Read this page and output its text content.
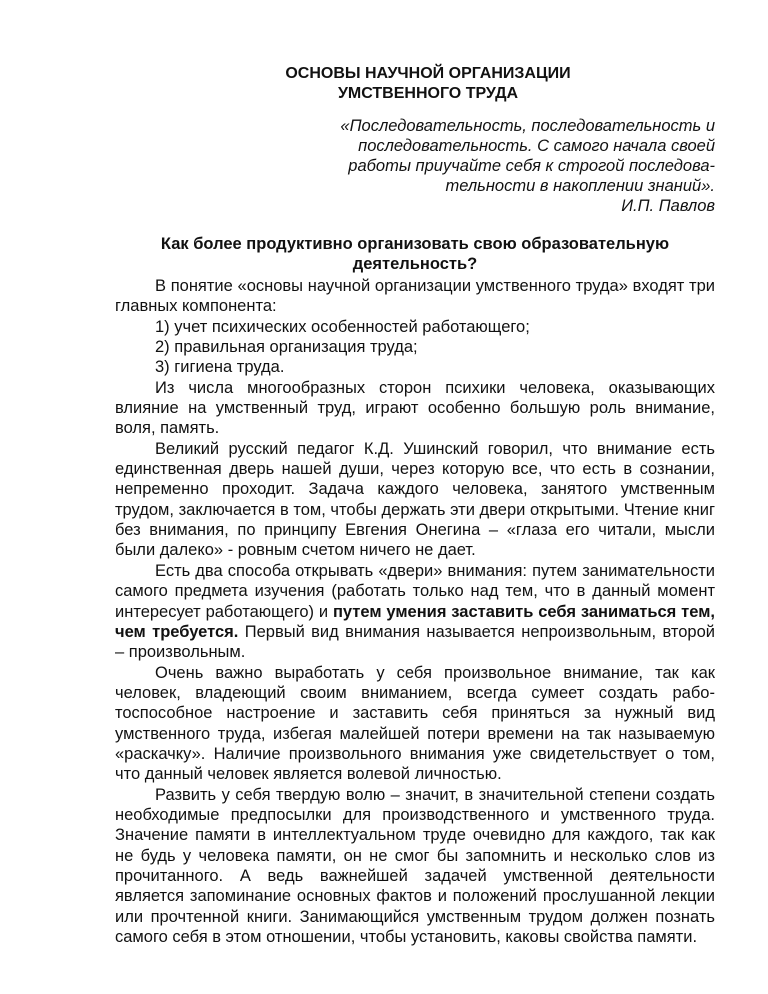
ОСНОВЫ НАУЧНОЙ ОРГАНИЗАЦИИ
УМСТВЕННОГО ТРУДА
«Последовательность, последовательность и
последовательность. С самого начала своей
работы приучайте себя к строгой последова-
тельности в накоплении знаний».
И.П. Павлов
Как более продуктивно организовать свою образовательную
деятельность?

В понятие «основы научной организации умственного труда» входят три главных компонента:

1) учет психических особенностей работающего;

2) правильная организация труда;

3) гигиена труда.

Из числа многообразных сторон психики человека, оказывающих влияние на умственный труд, играют особенно большую роль внимание, воля, память.

Великий русский педагог К.Д. Ушинский говорил, что внимание есть единственная дверь нашей души, через которую все, что есть в сознании, непременно проходит. Задача каждого человека, занятого умственным трудом, заключается в том, чтобы держать эти двери открытыми. Чтение книг без внимания, по принципу Евгения Онегина – «глаза его читали, мысли были далеко» - ровным счетом ничего не дает.

Есть два способа открывать «двери» внимания: путем занимательности самого предмета изучения (работать только над тем, что в данный момент интересует работающего) и путем умения заставить себя заниматься тем, чем требуется. Первый вид внимания называется непроизвольным, второй – произвольным.

Очень важно выработать у себя произвольное внимание, так как человек, владеющий своим вниманием, всегда сумеет создать работоспособное настроение и заставить себя приняться за нужный вид умственного труда, избегая малейшей потери времени на так называемую «раскачку». Наличие произвольного внимания уже свидетельствует о том, что данный человек является волевой личностью.

Развить у себя твердую волю – значит, в значительной степени создать необходимые предпосылки для производственного и умственного труда. Значение памяти в интеллектуальном труде очевидно для каждого, так как не будь у человека памяти, он не смог бы запомнить и несколько слов из прочитанного. А ведь важнейшей задачей умственной деятельности является запоминание основных фактов и положений прослушанной лекции или прочтенной книги. Занимающийся умственным трудом должен познать самого себя в этом отношении, чтобы установить, каковы свойства памяти.
